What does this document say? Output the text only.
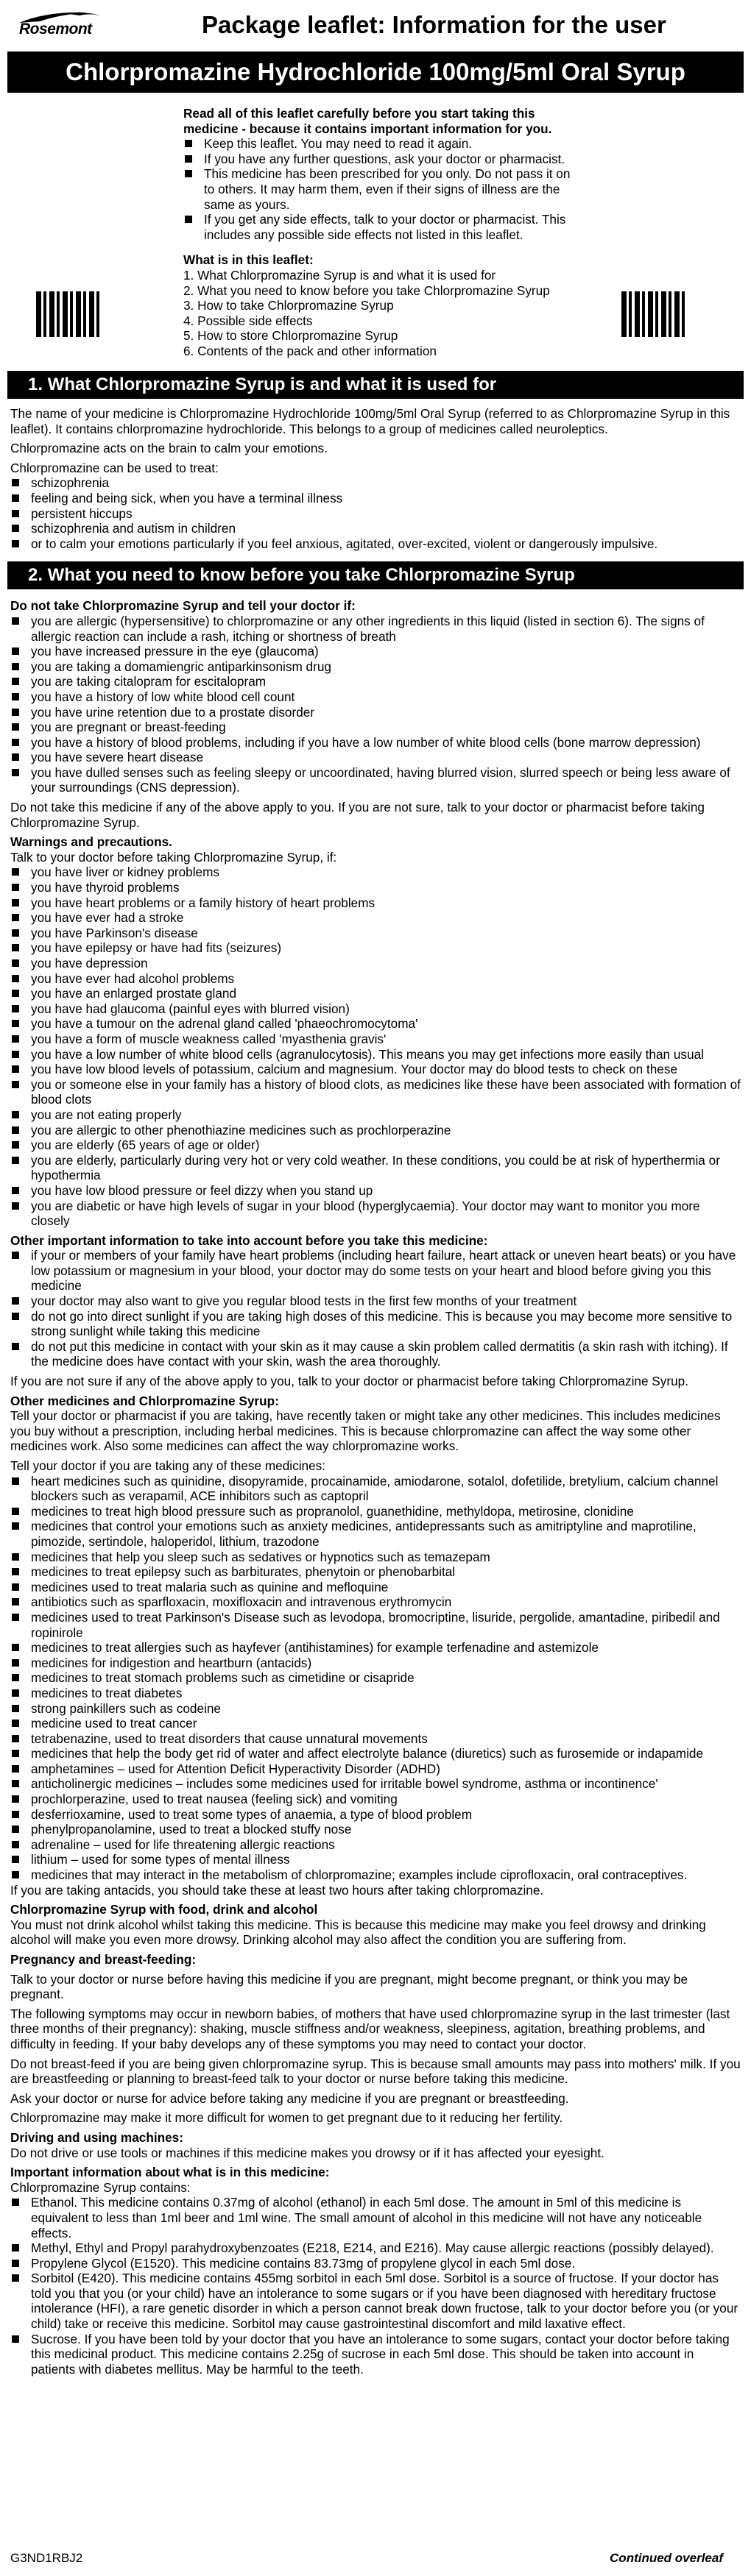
Rosemont	Package leaflet: Information for the user
Chlorpromazine Hydrochloride 100mg/5ml Oral Syrup

Read all of this leaflet carefully before you start taking this medicine - because it contains important information for you.

Keep this leaflet. You may need to read it again.
If you have any further questions, ask your doctor or pharmacist.
This medicine has been prescribed for you only. Do not pass it on to others. It may harm them, even if their signs of illness are the same as yours.
If you get any side effects, talk to your doctor or pharmacist. This includes any possible side effects not listed in this leaflet.

What is in this leaflet:

1. What Chlorpromazine Syrup is and what it is used for
2. What you need to know before you take Chlorpromazine Syrup
3. How to take Chlorpromazine Syrup
4. Possible side effects
5. How to store Chlorpromazine Syrup
6. Contents of the pack and other information
1. What Chlorpromazine Syrup is and what it is used for

The name of your medicine is Chlorpromazine Hydrochloride 100mg/5ml Oral Syrup (referred to as Chlorpromazine Syrup in this leaflet). It contains chlorpromazine hydrochloride. This belongs to a group of medicines called neuroleptics.

Chlorpromazine acts on the brain to calm your emotions.

Chlorpromazine can be used to treat:

schizophrenia
feeling and being sick, when you have a terminal illness
persistent hiccups
schizophrenia and autism in children
or to calm your emotions particularly if you feel anxious, agitated, over-excited, violent or dangerously impulsive.
2. What you need to know before you take Chlorpromazine Syrup

Do not take Chlorpromazine Syrup and tell your doctor if:

you are allergic (hypersensitive) to chlorpromazine or any other ingredients in this liquid (listed in section 6). The signs of allergic reaction can include a rash, itching or shortness of breath
you have increased pressure in the eye (glaucoma)
you are taking a domamiengric antiparkinsonism drug
you are taking citalopram for escitalopram
you have a history of low white blood cell count
you have urine retention due to a prostate disorder
you are pregnant or breast-feeding
you have a history of blood problems, including if you have a low number of white blood cells (bone marrow depression)
you have severe heart disease
you have dulled senses such as feeling sleepy or uncoordinated, having blurred vision, slurred speech or being less aware of your surroundings (CNS depression).

Do not take this medicine if any of the above apply to you. If you are not sure, talk to your doctor or pharmacist before taking Chlorpromazine Syrup.

Warnings and precautions.

Talk to your doctor before taking Chlorpromazine Syrup, if:

you have liver or kidney problems
you have thyroid problems
you have heart problems or a family history of heart problems
you have ever had a stroke
you have Parkinson's disease
you have epilepsy or have had fits (seizures)
you have depression
you have ever had alcohol problems
you have an enlarged prostate gland
you have had glaucoma (painful eyes with blurred vision)
you have a tumour on the adrenal gland called 'phaeochromocytoma'
you have a form of muscle weakness called 'myasthenia gravis'
you have a low number of white blood cells (agranulocytosis). This means you may get infections more easily than usual
you have low blood levels of potassium, calcium and magnesium. Your doctor may do blood tests to check on these
you or someone else in your family has a history of blood clots, as medicines like these have been associated with formation of blood clots
you are not eating properly
you are allergic to other phenothiazine medicines such as prochlorperazine
you are elderly (65 years of age or older)
you are elderly, particularly during very hot or very cold weather. In these conditions, you could be at risk of hyperthermia or hypothermia
you have low blood pressure or feel dizzy when you stand up
you are diabetic or have high levels of sugar in your blood (hyperglycaemia). Your doctor may want to monitor you more closely

Other important information to take into account before you take this medicine:

if your or members of your family have heart problems (including heart failure, heart attack or uneven heart beats) or you have low potassium or magnesium in your blood, your doctor may do some tests on your heart and blood before giving you this medicine
your doctor may also want to give you regular blood tests in the first few months of your treatment
do not go into direct sunlight if you are taking high doses of this medicine. This is because you may become more sensitive to strong sunlight while taking this medicine
do not put this medicine in contact with your skin as it may cause a skin problem called dermatitis (a skin rash with itching). If the medicine does have contact with your skin, wash the area thoroughly.

If you are not sure if any of the above apply to you, talk to your doctor or pharmacist before taking Chlorpromazine Syrup.

Other medicines and Chlorpromazine Syrup:

Tell your doctor or pharmacist if you are taking, have recently taken or might take any other medicines. This includes medicines you buy without a prescription, including herbal medicines. This is because chlorpromazine can affect the way some other medicines work. Also some medicines can affect the way chlorpromazine works.

Tell your doctor if you are taking any of these medicines:

heart medicines such as quinidine, disopyramide, procainamide, amiodarone, sotalol, dofetilide, bretylium, calcium channel blockers such as verapamil, ACE inhibitors such as captopril
medicines to treat high blood pressure such as propranolol, guanethidine, methyldopa, metirosine, clonidine
medicines that control your emotions such as anxiety medicines, antidepressants such as amitriptyline and maprotiline, pimozide, sertindole, haloperidol, lithium, trazodone
medicines that help you sleep such as sedatives or hypnotics such as temazepam
medicines to treat epilepsy such as barbiturates, phenytoin or phenobarbital
medicines used to treat malaria such as quinine and mefloquine
antibiotics such as sparfloxacin, moxifloxacin and intravenous erythromycin
medicines used to treat Parkinson's Disease such as levodopa, bromocriptine, lisuride, pergolide, amantadine, piribedil and ropinirole
medicines to treat allergies such as hayfever (antihistamines) for example terfenadine and astemizole
medicines for indigestion and heartburn (antacids)
medicines to treat stomach problems such as cimetidine or cisapride
medicines to treat diabetes
strong painkillers such as codeine
medicine used to treat cancer
tetrabenazine, used to treat disorders that cause unnatural movements
medicines that help the body get rid of water and affect electrolyte balance (diuretics) such as furosemide or indapamide
amphetamines – used for Attention Deficit Hyperactivity Disorder (ADHD)
anticholinergic medicines – includes some medicines used for irritable bowel syndrome, asthma or incontinence'
prochlorperazine, used to treat nausea (feeling sick) and vomiting
desferrioxamine, used to treat some types of anaemia, a type of blood problem
phenylpropanolamine, used to treat a blocked stuffy nose
adrenaline – used for life threatening allergic reactions
lithium – used for some types of mental illness
medicines that may interact in the metabolism of chlorpromazine; examples include ciprofloxacin, oral contraceptives.

If you are taking antacids, you should take these at least two hours after taking chlorpromazine.

Chlorpromazine Syrup with food, drink and alcohol

You must not drink alcohol whilst taking this medicine. This is because this medicine may make you feel drowsy and drinking alcohol will make you even more drowsy. Drinking alcohol may also affect the condition you are suffering from.

Pregnancy and breast-feeding:

Talk to your doctor or nurse before having this medicine if you are pregnant, might become pregnant, or think you may be pregnant.

The following symptoms may occur in newborn babies, of mothers that have used chlorpromazine syrup in the last trimester (last three months of their pregnancy): shaking, muscle stiffness and/or weakness, sleepiness, agitation, breathing problems, and difficulty in feeding. If your baby develops any of these symptoms you may need to contact your doctor.

Do not breast-feed if you are being given chlorpromazine syrup. This is because small amounts may pass into mothers' milk. If you are breastfeeding or planning to breast-feed talk to your doctor or nurse before taking this medicine.

Ask your doctor or nurse for advice before taking any medicine if you are pregnant or breastfeeding.

Chlorpromazine may make it more difficult for women to get pregnant due to it reducing her fertility.

Driving and using machines:

Do not drive or use tools or machines if this medicine makes you drowsy or if it has affected your eyesight.

Important information about what is in this medicine:

Chlorpromazine Syrup contains:

Ethanol. This medicine contains 0.37mg of alcohol (ethanol) in each 5ml dose. The amount in 5ml of this medicine is equivalent to less than 1ml beer and 1ml wine. The small amount of alcohol in this medicine will not have any noticeable effects.
Methyl, Ethyl and Propyl parahydroxybenzoates (E218, E214, and E216). May cause allergic reactions (possibly delayed).
Propylene Glycol (E1520). This medicine contains 83.73mg of propylene glycol in each 5ml dose.
Sorbitol (E420). This medicine contains 455mg sorbitol in each 5ml dose. Sorbitol is a source of fructose. If your doctor has told you that you (or your child) have an intolerance to some sugars or if you have been diagnosed with hereditary fructose intolerance (HFI), a rare genetic disorder in which a person cannot break down fructose, talk to your doctor before you (or your child) take or receive this medicine. Sorbitol may cause gastrointestinal discomfort and mild laxative effect.
Sucrose. If you have been told by your doctor that you have an intolerance to some sugars, contact your doctor before taking this medicinal product. This medicine contains 2.25g of sucrose in each 5ml dose. This should be taken into account in patients with diabetes mellitus. May be harmful to the teeth.
G3ND1RBJ2	Continued overleaf
